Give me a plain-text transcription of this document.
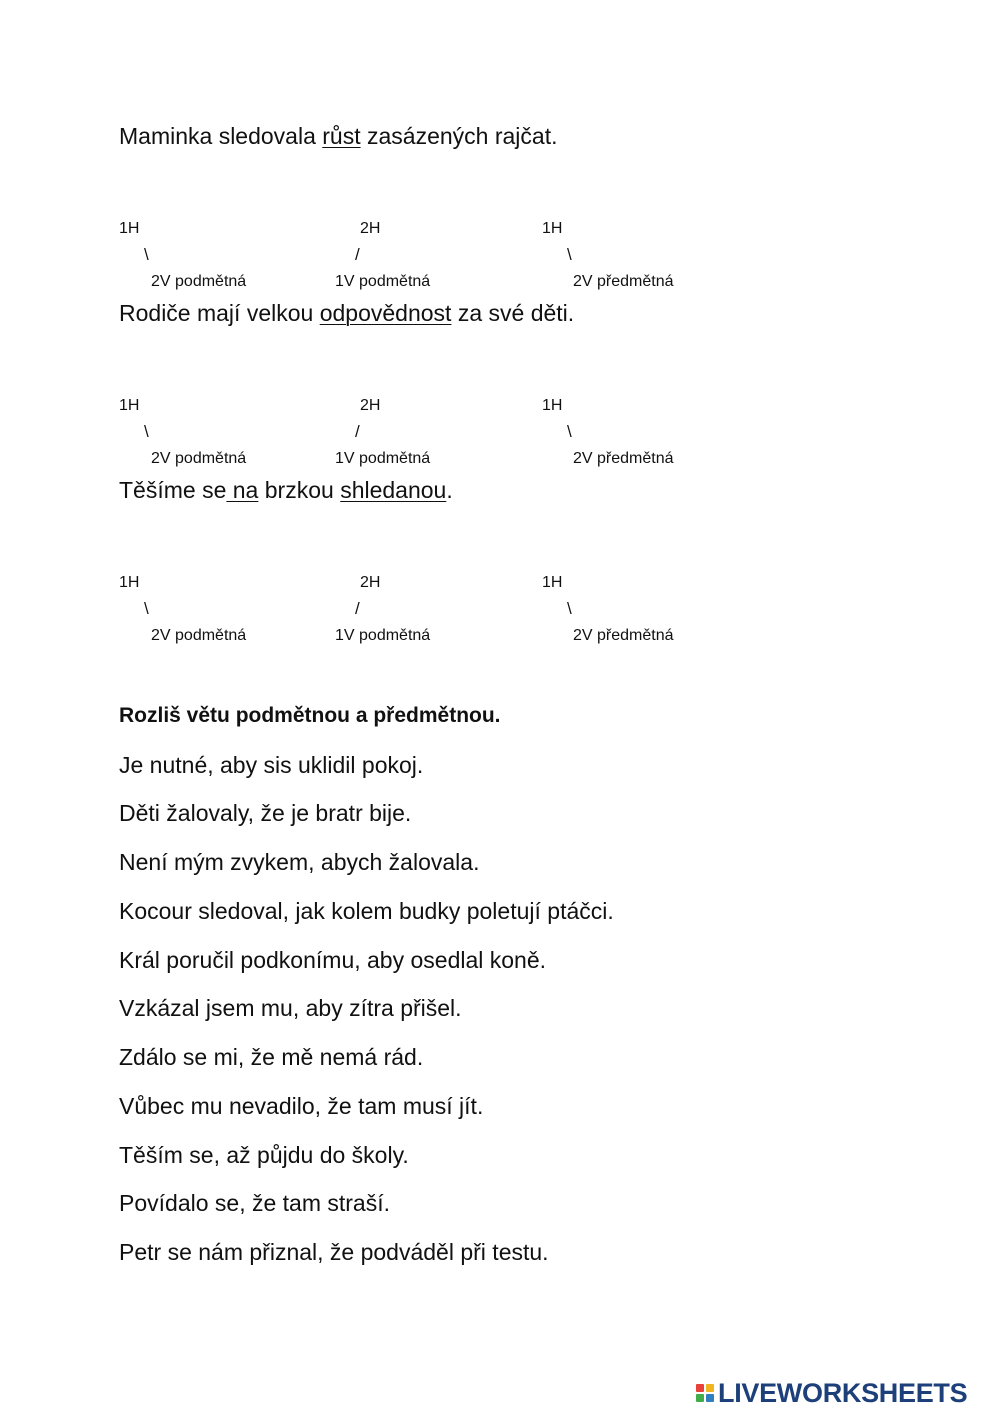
Maminka sledovala růst zasázených rajčat.
1H	2H	1H
\	/	\
2V podmětná	1V podmětná	2V předmětná
Rodiče mají velkou odpovědnost za své děti.
1H	2H	1H
\	/	\
2V podmětná	1V podmětná	2V předmětná
Těšíme se na brzkou shledanou.
1H	2H	1H
\	/	\
2V podmětná	1V podmětná	2V předmětná
Rozliš větu podmětnou a předmětnou.
Je nutné, aby sis uklidil pokoj.
Děti žalovaly, že je bratr bije.
Není mým zvykem, abych žalovala.
Kocour sledoval, jak kolem budky poletují ptáčci.
Král poručil podkonímu, aby osedlal koně.
Vzkázal jsem mu, aby zítra přišel.
Zdálo se mi, že mě nemá rád.
Vůbec mu nevadilo, že tam musí jít.
Těším se, až půjdu do školy.
Povídalo se, že tam straší.
Petr se nám přiznal, že podváděl při testu.
LIVEWORKSHEETS
